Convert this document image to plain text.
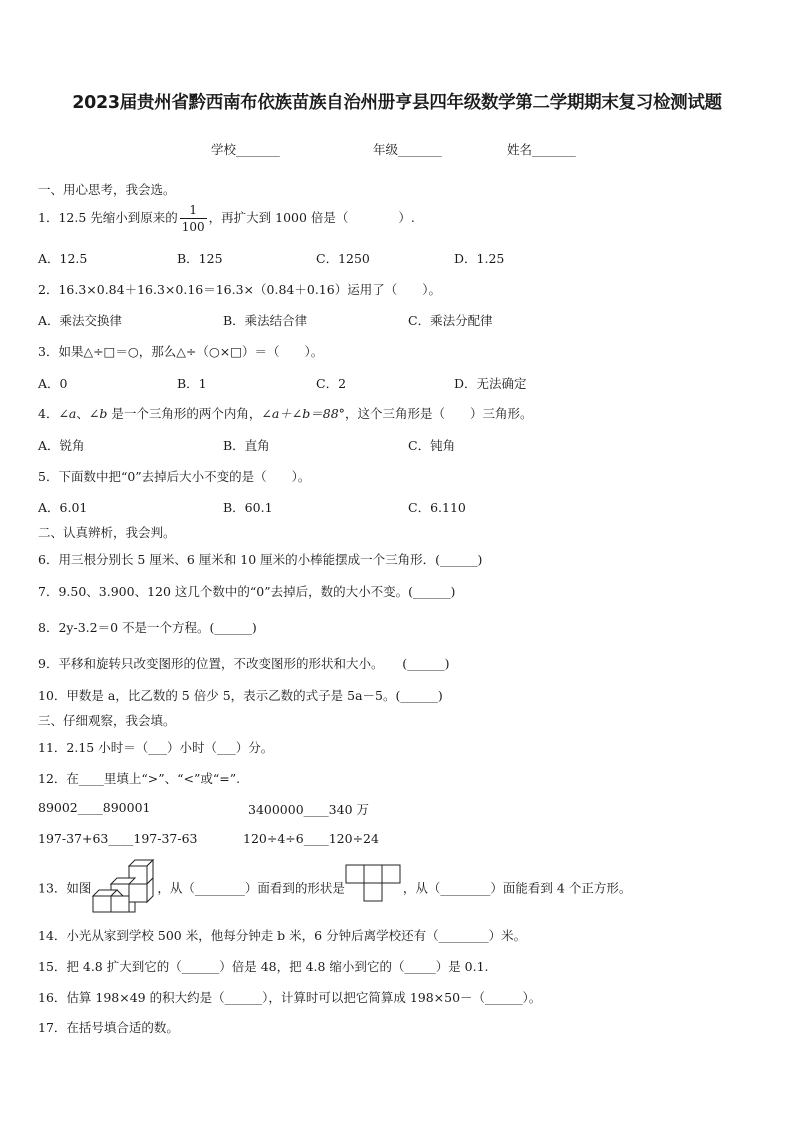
2023届贵州省黔西南布依族苗族自治州册亨县四年级数学第二学期期末复习检测试题
学校_______	年级_______	姓名_______
一、用心思考，我会选。
1．12.5 先缩小到原来的 $\frac{1}{100}$ ，再扩大到 1000 倍是（　　　　）.
A．12.5	B．125	C．1250	D．1.25
2．16.3×0.84＋16.3×0.16＝16.3×（0.84＋0.16）运用了（　　）。
A．乘法交换律	B．乘法结合律	C．乘法分配律
3．如果△÷□＝○，那么△÷（○×□）＝（　　）。
A．0	B．1	C．2	D．无法确定
4．∠a、∠b 是一个三角形的两个内角，∠a＋∠b＝88°，这个三角形是（　　）三角形。
A．锐角	B．直角	C．钝角
5．下面数中把“0”去掉后大小不变的是（　　）。
A．6.01	B．60.1	C．6.110
二、认真辨析，我会判。
6．用三根分别长 5 厘米、6 厘米和 10 厘米的小棒能摆成一个三角形．(______)
7．9.50、3.900、120 这几个数中的“0”去掉后，数的大小不变。(______)
8．2y-3.2＝0 不是一个方程。(______)
9．平移和旋转只改变图形的位置，不改变图形的形状和大小。　　(______)
10．甲数是 a，比乙数的 5 倍少 5，表示乙数的式子是 5a－5。(______)
三、仔细观察，我会填。
11．2.15 小时＝（___）小时（___）分。
12．在____里填上“>”、“<”或“=”.
89002____890001	3400000____340 万
197-37+63____197-37-63	120÷4÷6____120÷24
13．如图	，从（________）面看到的形状是	，从（________）面能看到 4 个正方形。
14．小光从家到学校 500 米，他每分钟走 b 米，6 分钟后离学校还有（________）米。
15．把 4.8 扩大到它的（______）倍是 48，把 4.8 缩小到它的（_____）是 0.1.
16．估算 198×49 的积大约是（______），计算时可以把它简算成 198×50－（______）。
17．在括号填合适的数。
